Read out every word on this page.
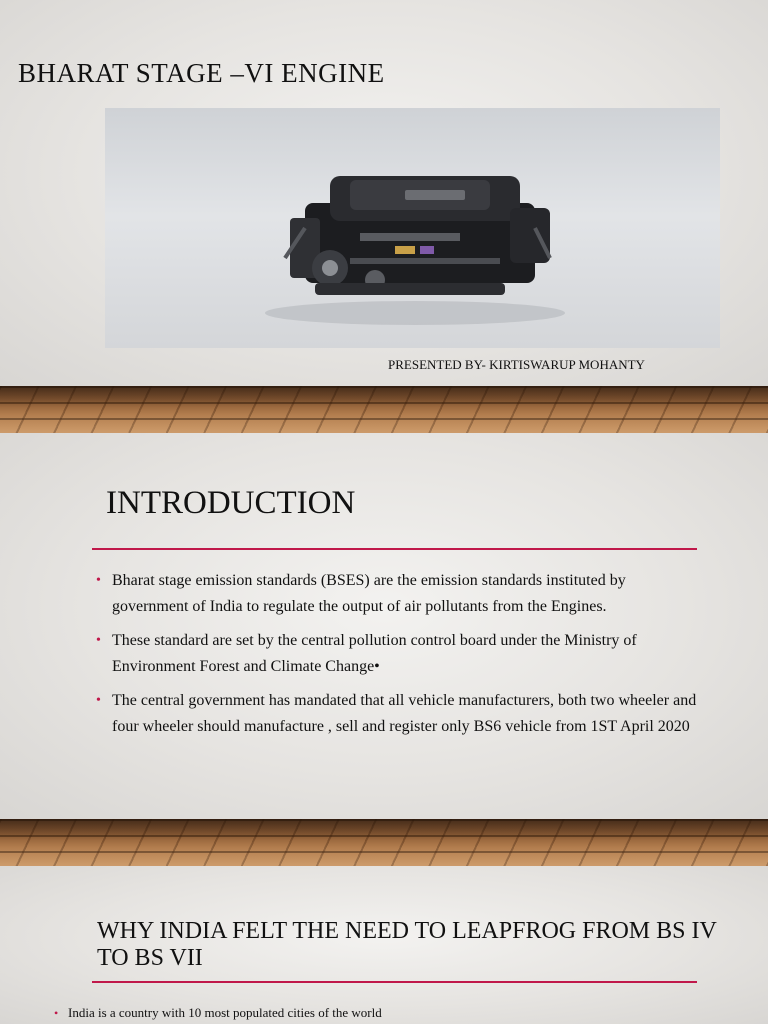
BHARAT STAGE –VI ENGINE

PRESENTED BY- KIRTISWARUP MOHANTY

INTRODUCTION
• Bharat stage emission standards (BSES) are the emission standards instituted by government of India to regulate the output of air pollutants from the Engines.
• These standard are set by the central pollution control board under the Ministry of Environment Forest and Climate Change•
• The central government has mandated that all vehicle manufacturers, both two wheeler and four wheeler should manufacture , sell and register only BS6 vehicle from 1ST April 2020
WHY INDIA FELT THE NEED TO LEAPFROG FROM BS IV TO BS VII
• India is a country with 10 most populated cities of the world
